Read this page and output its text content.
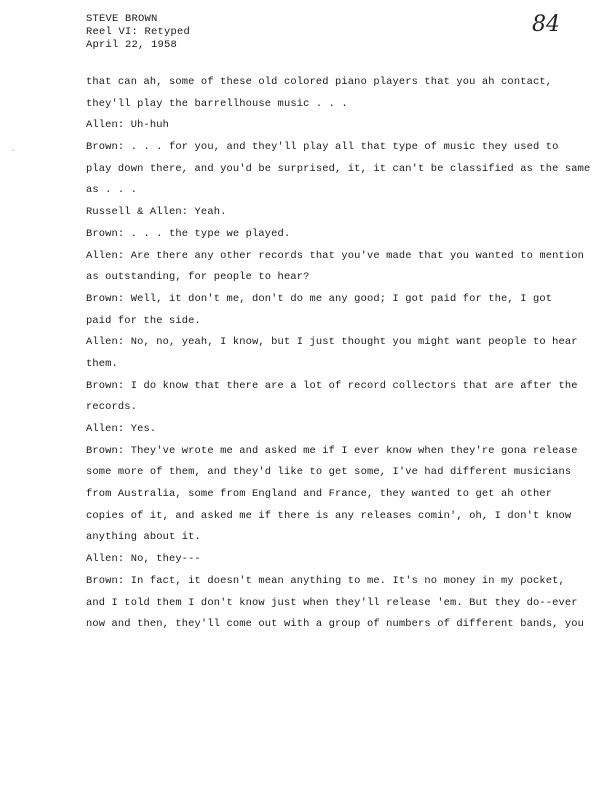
STEVE BROWN
Reel VI: Retyped
April 22, 1958
84
`
that can ah, some of these old colored piano players that you ah contact,
they'll play the barrellhouse music . . .
Allen: Uh-huh
Brown: . . . for you, and they'll play all that type of music they used to
play down there, and you'd be surprised, it, it can't be classified as the same
as . . .
Russell & Allen: Yeah.
Brown: . . . the type we played.
Allen: Are there any other records that you've made that you wanted to mention
as outstanding, for people to hear?
Brown: Well, it don't me, don't do me any good; I got paid for the, I got
paid for the side.
Allen: No, no, yeah, I know, but I just thought you might want people to hear
them.
Brown: I do know that there are a lot of record collectors that are after the
records.
Allen: Yes.
Brown: They've wrote me and asked me if I ever know when they're gona release
some more of them, and they'd like to get some, I've had different musicians
from Australia, some from England and France, they wanted to get ah other
copies of it, and asked me if there is any releases comin', oh, I don't know
anything about it.
Allen: No, they---
Brown: In fact, it doesn't mean anything to me. It's no money in my pocket,
and I told them I don't know just when they'll release 'em. But they do--ever
now and then, they'll come out with a group of numbers of different bands, you
